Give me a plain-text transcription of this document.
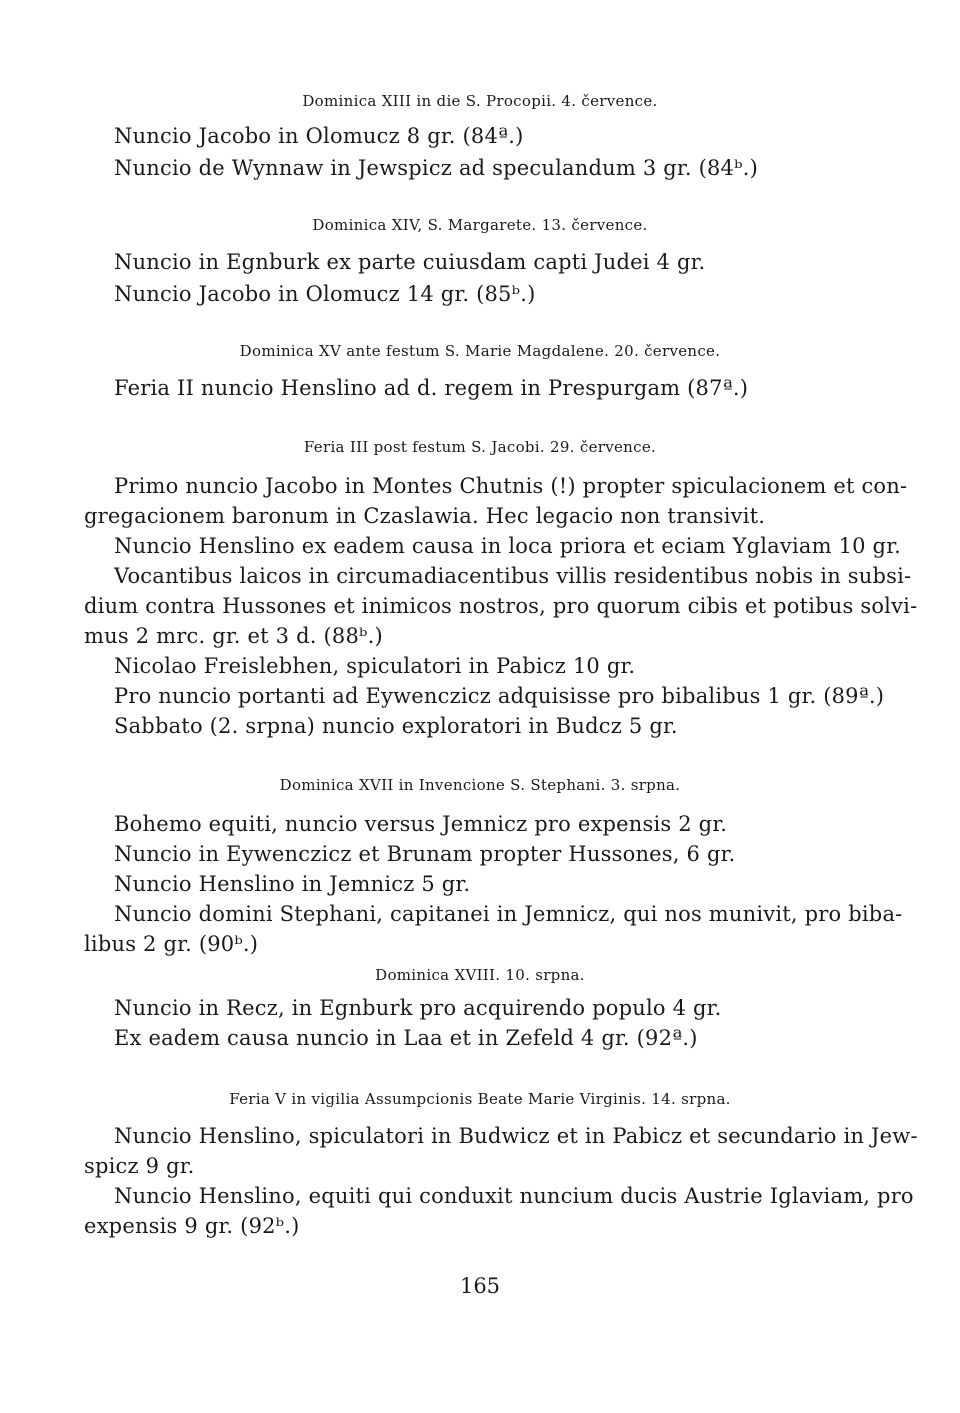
Dominica XIII in die S. Procopii. 4. července.
Nuncio Jacobo in Olomucz 8 gr. (84ª.)
Nuncio de Wynnaw in Jewspicz ad speculandum 3 gr. (84ᵇ.)
Dominica XIV, S. Margarete. 13. července.
Nuncio in Egnburk ex parte cuiusdam capti Judei 4 gr.
Nuncio Jacobo in Olomucz 14 gr. (85ᵇ.)
Dominica XV ante festum S. Marie Magdalene. 20. července.
Feria II nuncio Henslino ad d. regem in Prespurgam (87ª.)
Feria III post festum S. Jacobi. 29. července.
Primo nuncio Jacobo in Montes Chutnis (!) propter spiculacionem et con-
gregacionem baronum in Czaslawia. Hec legacio non transivit.
Nuncio Henslino ex eadem causa in loca priora et eciam Yglaviam 10 gr.
Vocantibus laicos in circumadiacentibus villis residentibus nobis in subsi-
dium contra Hussones et inimicos nostros, pro quorum cibis et potibus solvi-
mus 2 mrc. gr. et 3 d. (88ᵇ.)
Nicolao Freislebhen, spiculatori in Pabicz 10 gr.
Pro nuncio portanti ad Eywenczicz adquisisse pro bibalibus 1 gr. (89ª.)
Sabbato (2. srpna) nuncio exploratori in Budcz 5 gr.
Dominica XVII in Invencione S. Stephani. 3. srpna.
Bohemo equiti, nuncio versus Jemnicz pro expensis 2 gr.
Nuncio in Eywenczicz et Brunam propter Hussones, 6 gr.
Nuncio Henslino in Jemnicz 5 gr.
Nuncio domini Stephani, capitanei in Jemnicz, qui nos munivit, pro biba-
libus 2 gr. (90ᵇ.)
Dominica XVIII. 10. srpna.
Nuncio in Recz, in Egnburk pro acquirendo populo 4 gr.
Ex eadem causa nuncio in Laa et in Zefeld 4 gr. (92ª.)
Feria V in vigilia Assumpcionis Beate Marie Virginis. 14. srpna.
Nuncio Henslino, spiculatori in Budwicz et in Pabicz et secundario in Jew-
spicz 9 gr.
Nuncio Henslino, equiti qui conduxit nuncium ducis Austrie Iglaviam, pro
expensis 9 gr. (92ᵇ.)
165
